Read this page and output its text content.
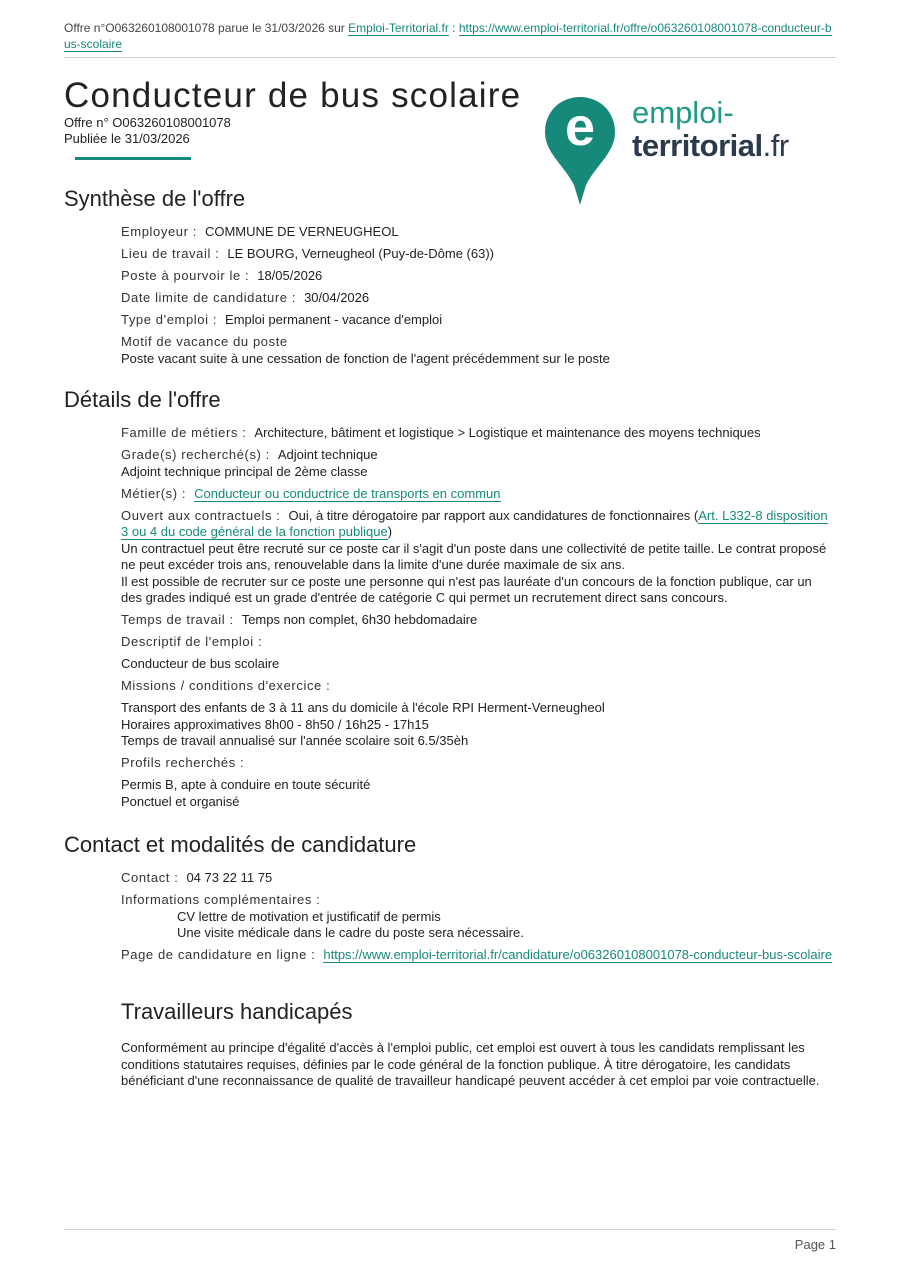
Offre n°O063260108001078 parue le 31/03/2026 sur Emploi-Territorial.fr : https://www.emploi-territorial.fr/offre/o063260108001078-conducteur-bus-scolaire
Conducteur de bus scolaire
Offre n° O063260108001078
Publiée le 31/03/2026	e emploi-
territorial.fr
Synthèse de l'offre
Employeur : COMMUNE DE VERNEUGHEOL
Lieu de travail : LE BOURG, Verneugheol (Puy-de-Dôme (63))
Poste à pourvoir le : 18/05/2026
Date limite de candidature : 30/04/2026
Type d'emploi : Emploi permanent - vacance d'emploi
Motif de vacance du poste
Poste vacant suite à une cessation de fonction de l'agent précédemment sur le poste
Détails de l'offre
Famille de métiers : Architecture, bâtiment et logistique > Logistique et maintenance des moyens techniques
Grade(s) recherché(s) : Adjoint technique
Adjoint technique principal de 2ème classe
Métier(s) : Conducteur ou conductrice de transports en commun
Ouvert aux contractuels : Oui, à titre dérogatoire par rapport aux candidatures de fonctionnaires (Art. L332-8 disposition 3 ou 4 du code général de la fonction publique)
Un contractuel peut être recruté sur ce poste car il s'agit d'un poste dans une collectivité de petite taille. Le contrat proposé ne peut excéder trois ans, renouvelable dans la limite d'une durée maximale de six ans.
Il est possible de recruter sur ce poste une personne qui n'est pas lauréate d'un concours de la fonction publique, car un des grades indiqué est un grade d'entrée de catégorie C qui permet un recrutement direct sans concours.
Temps de travail : Temps non complet, 6h30 hebdomadaire
Descriptif de l'emploi :
Conducteur de bus scolaire
Missions / conditions d'exercice :
Transport des enfants de 3 à 11 ans du domicile à l'école RPI Herment-Verneugheol
Horaires approximatives 8h00 - 8h50 / 16h25 - 17h15
Temps de travail annualisé sur l'année scolaire soit 6.5/35èh
Profils recherchés :
Permis B, apte à conduire en toute sécurité
Ponctuel et organisé
Contact et modalités de candidature
Contact : 04 73 22 11 75
Informations complémentaires :
CV lettre de motivation et justificatif de permis
Une visite médicale dans le cadre du poste sera nécessaire.
Page de candidature en ligne : https://www.emploi-territorial.fr/candidature/o063260108001078-conducteur-bus-scolaire
Travailleurs handicapés
Conformément au principe d'égalité d'accès à l'emploi public, cet emploi est ouvert à tous les candidats remplissant les conditions statutaires requises, définies par le code général de la fonction publique. À titre dérogatoire, les candidats bénéficiant d'une reconnaissance de qualité de travailleur handicapé peuvent accéder à cet emploi par voie contractuelle.
Page 1
